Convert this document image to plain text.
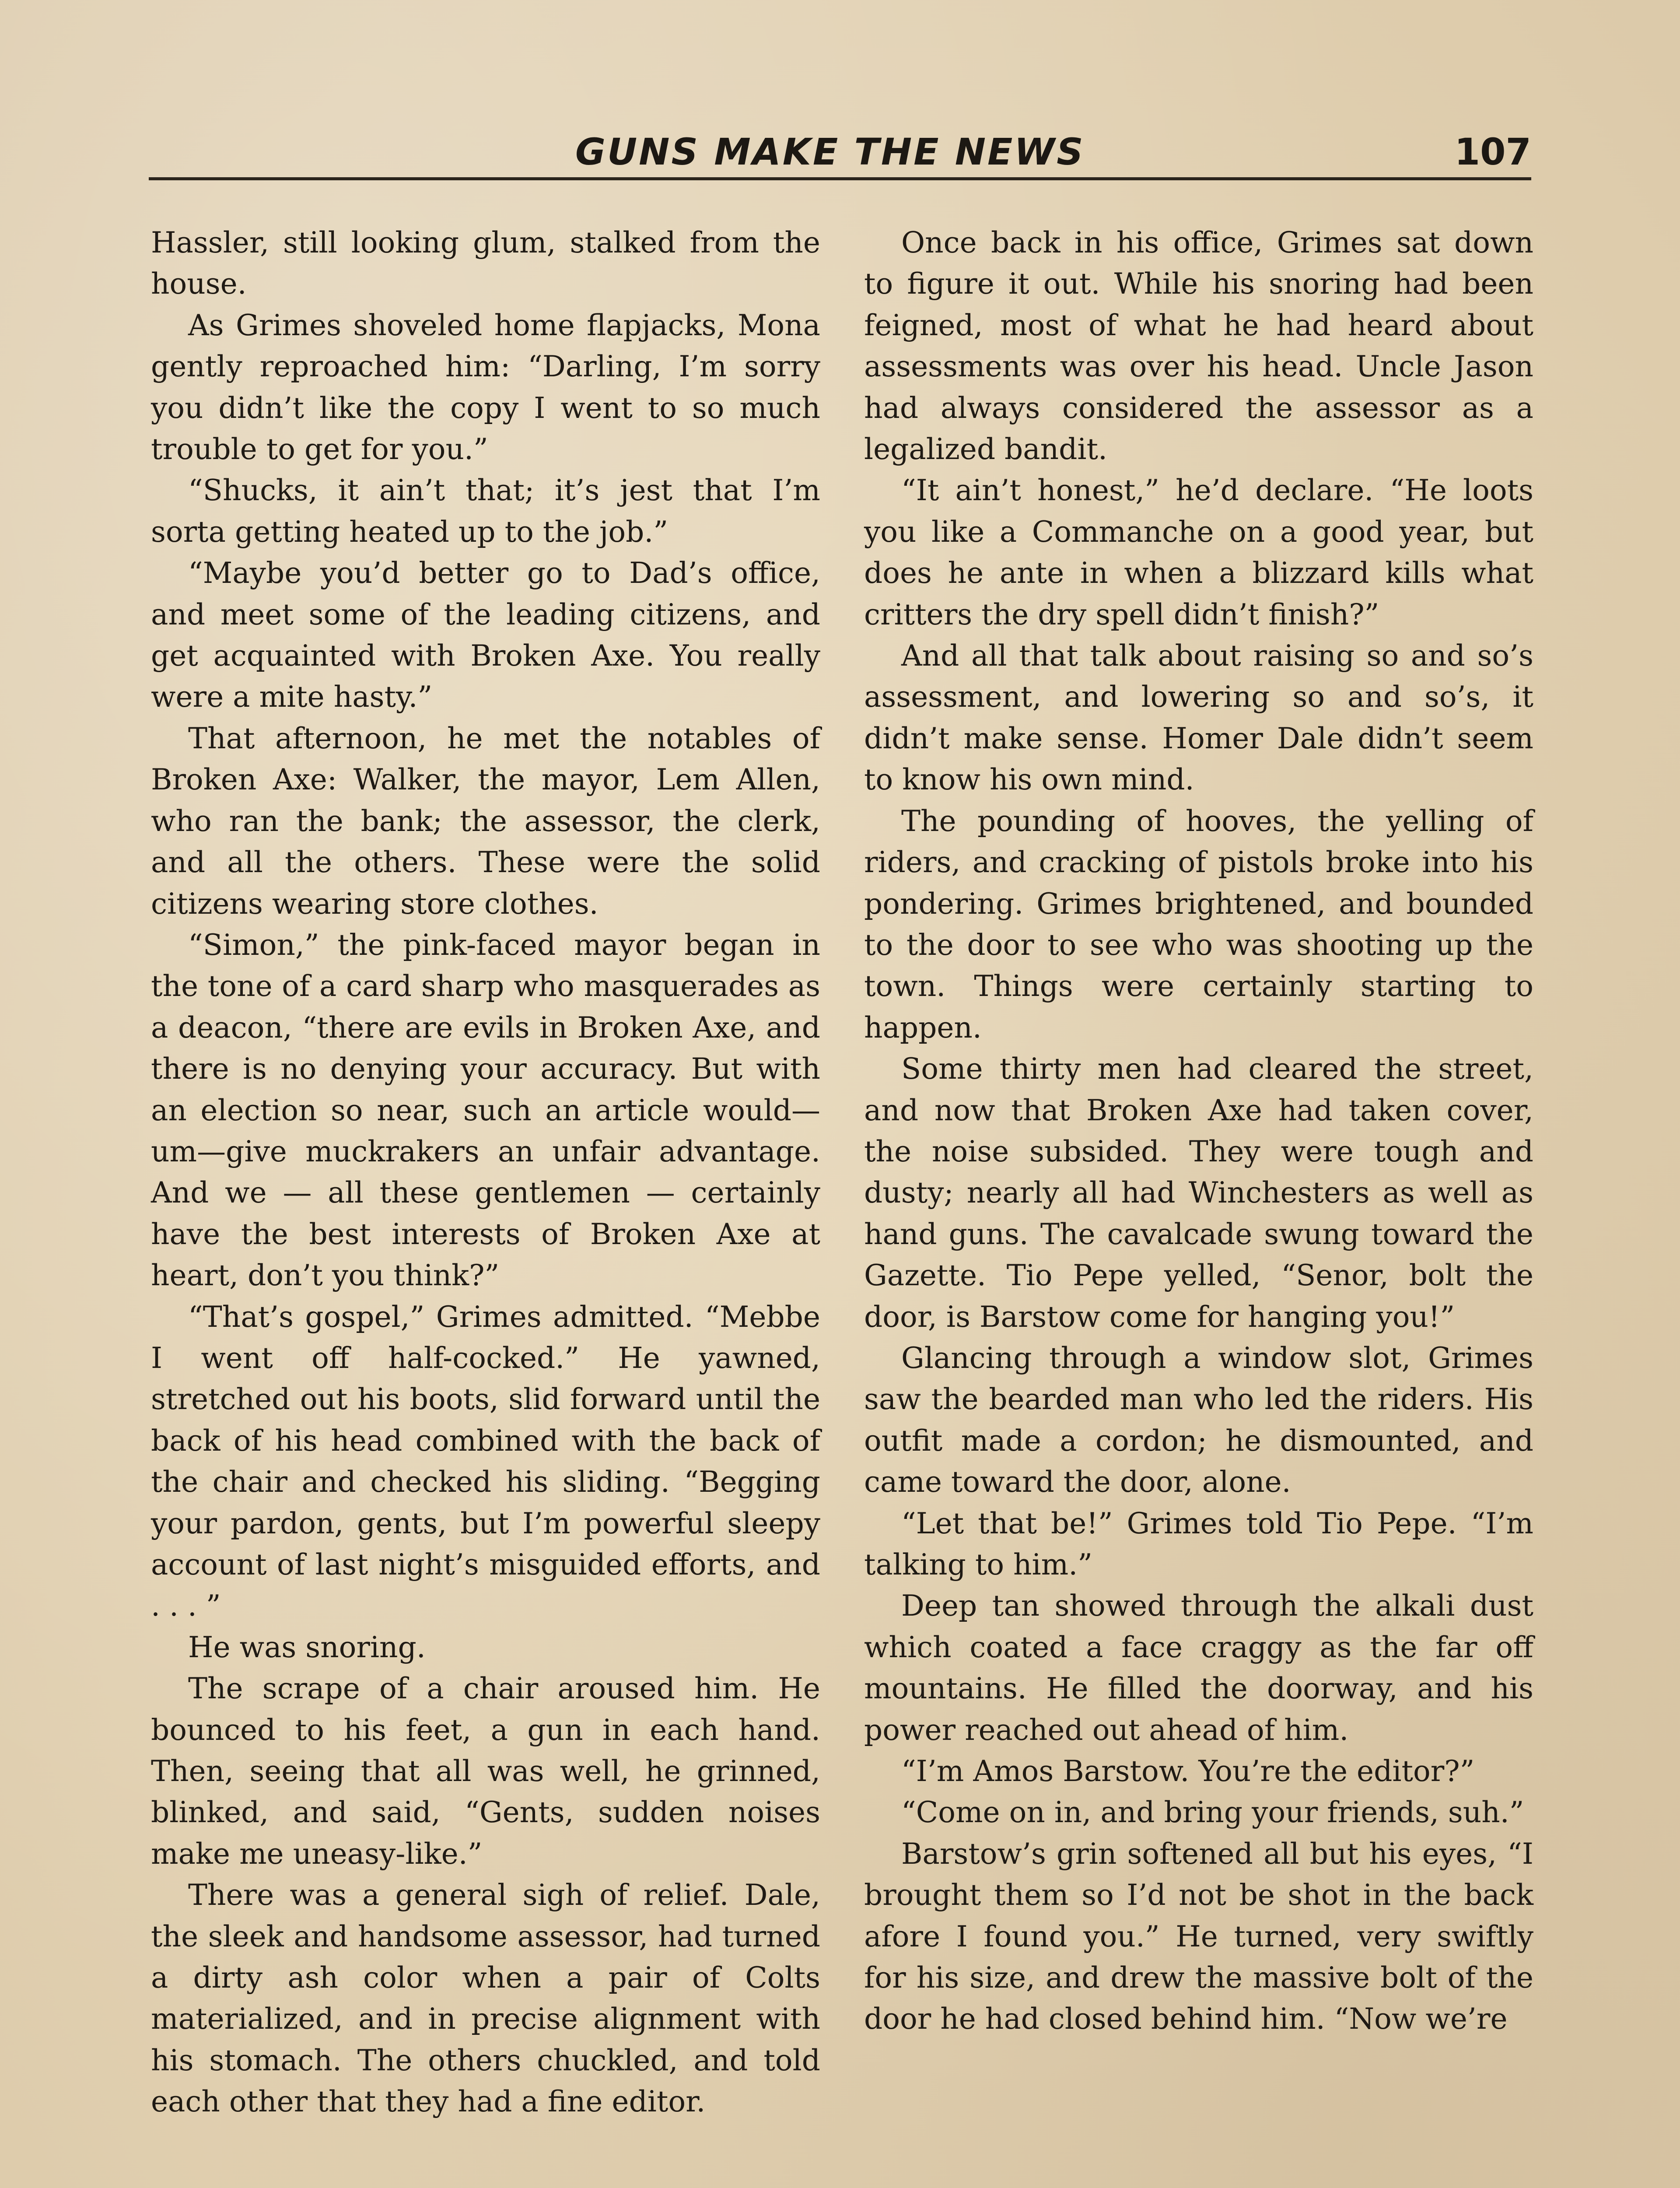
GUNS MAKE THE NEWS	107

Hassler, still looking glum, stalked from the house.

As Grimes shoveled home flapjacks, Mona gently reproached him: “Darling, I’m sorry you didn’t like the copy I went to so much trouble to get for you.”

“Shucks, it ain’t that; it’s jest that I’m sorta getting heated up to the job.”

“Maybe you’d better go to Dad’s office, and meet some of the leading citizens, and get acquainted with Broken Axe. You really were a mite hasty.”

That afternoon, he met the notables of Broken Axe: Walker, the mayor, Lem Allen, who ran the bank; the assessor, the clerk, and all the others. These were the solid citizens wearing store clothes.

“Simon,” the pink-faced mayor began in the tone of a card sharp who masquerades as a deacon, “there are evils in Broken Axe, and there is no denying your accuracy. But with an election so near, such an article would—um—give muckrakers an unfair advantage. And we — all these gentlemen — certainly have the best interests of Broken Axe at heart, don’t you think?”

“That’s gospel,” Grimes admitted. “Mebbe I went off half-cocked.” He yawned, stretched out his boots, slid forward until the back of his head combined with the back of the chair and checked his sliding. “Begging your pardon, gents, but I’m powerful sleepy account of last night’s misguided efforts, and . . . ”

He was snoring.

The scrape of a chair aroused him. He bounced to his feet, a gun in each hand. Then, seeing that all was well, he grinned, blinked, and said, “Gents, sudden noises make me uneasy-like.”

There was a general sigh of relief. Dale, the sleek and handsome assessor, had turned a dirty ash color when a pair of Colts materialized, and in precise alignment with his stomach. The others chuckled, and told each other that they had a fine editor.

Once back in his office, Grimes sat down to figure it out. While his snoring had been feigned, most of what he had heard about assessments was over his head. Uncle Jason had always considered the assessor as a legalized bandit.

“It ain’t honest,” he’d declare. “He loots you like a Commanche on a good year, but does he ante in when a blizzard kills what critters the dry spell didn’t finish?”

And all that talk about raising so and so’s assessment, and lowering so and so’s, it didn’t make sense. Homer Dale didn’t seem to know his own mind.

The pounding of hooves, the yelling of riders, and cracking of pistols broke into his pondering. Grimes brightened, and bounded to the door to see who was shooting up the town. Things were certainly starting to happen.

Some thirty men had cleared the street, and now that Broken Axe had taken cover, the noise subsided. They were tough and dusty; nearly all had Winchesters as well as hand guns. The cavalcade swung toward the Gazette. Tio Pepe yelled, “Senor, bolt the door, is Barstow come for hanging you!”

Glancing through a window slot, Grimes saw the bearded man who led the riders. His outfit made a cordon; he dismounted, and came toward the door, alone.

“Let that be!” Grimes told Tio Pepe. “I’m talking to him.”

Deep tan showed through the alkali dust which coated a face craggy as the far off mountains. He filled the doorway, and his power reached out ahead of him.

“I’m Amos Barstow. You’re the editor?”

“Come on in, and bring your friends, suh.”

Barstow’s grin softened all but his eyes, “I brought them so I’d not be shot in the back afore I found you.” He turned, very swiftly for his size, and drew the massive bolt of the door he had closed behind him. “Now we’re
